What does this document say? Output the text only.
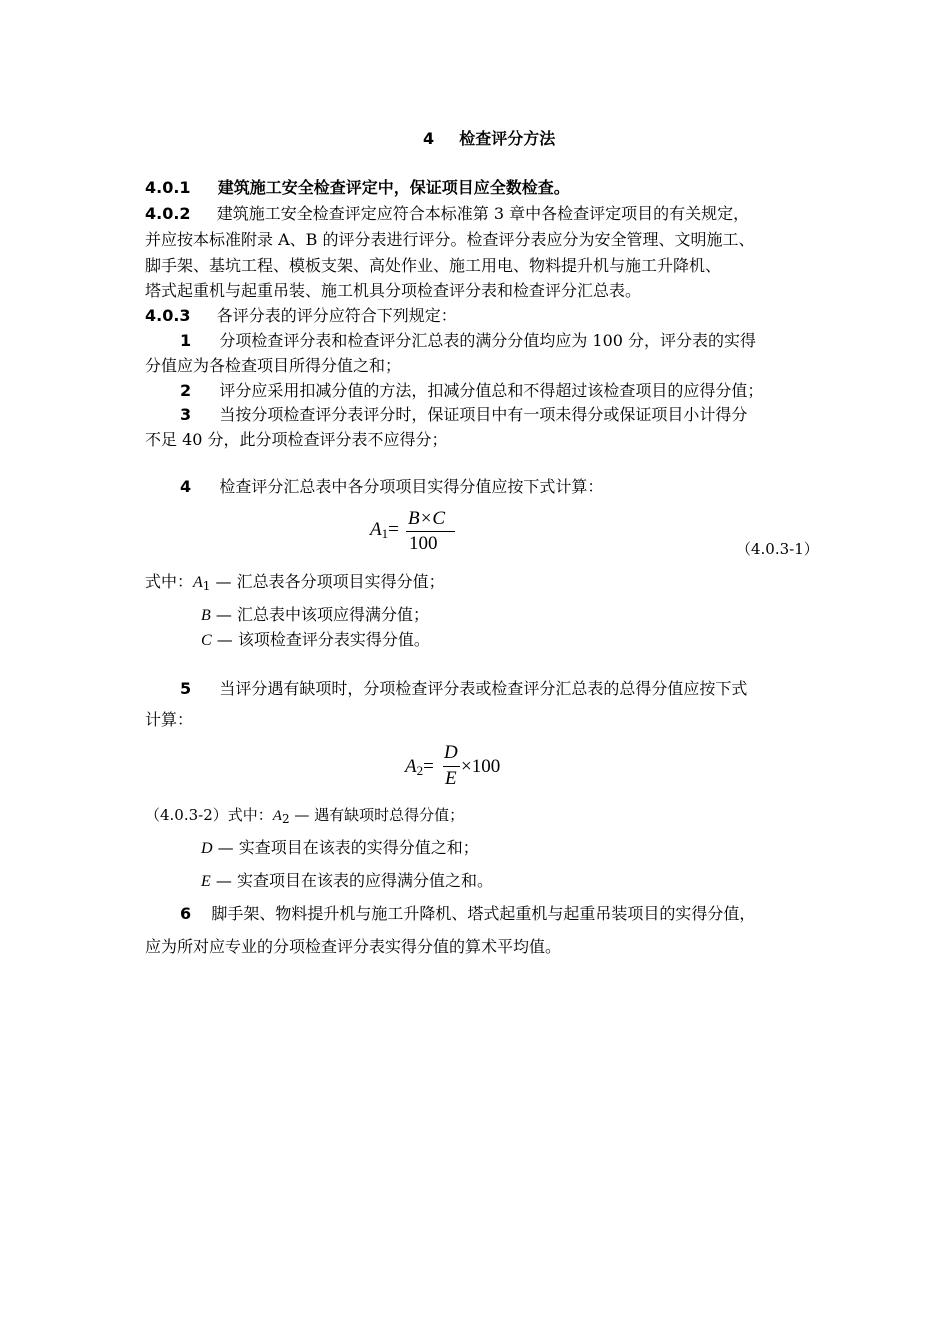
4 检查评分方法
4.0.1 建筑施工安全检查评定中，保证项目应全数检查。
4.0.2 建筑施工安全检查评定应符合本标准第 3 章中各检查评定项目的有关规定，
并应按本标准附录 A、B 的评分表进行评分。检查评分表应分为安全管理、文明施工、
脚手架、基坑工程、模板支架、高处作业、施工用电、物料提升机与施工升降机、
塔式起重机与起重吊装、施工机具分项检查评分表和检查评分汇总表。
4.0.3 各评分表的评分应符合下列规定：
1 分项检查评分表和检查评分汇总表的满分分值均应为 100 分，评分表的实得
分值应为各检查项目所得分值之和；
2 评分应采用扣减分值的方法，扣减分值总和不得超过该检查项目的应得分值；
3 当按分项检查评分表评分时，保证项目中有一项未得分或保证项目小计得分
不足 40 分，此分项检查评分表不应得分；
4 检查评分汇总表中各分项项目实得分值应按下式计算：
$A_1=$
B×C
100	（4.0.3-1）
式中：$A_1$ — 汇总表各分项项目实得分值；
B — 汇总表中该项应得满分值；
C — 该项检查评分表实得分值。
5 当评分遇有缺项时，分项检查评分表或检查评分汇总表的总得分值应按下式
计算：
$A_2=$
D
E
×100
（4.0.3-2）式中：$A_2$ — 遇有缺项时总得分值；
D — 实查项目在该表的实得分值之和；
E — 实查项目在该表的应得满分值之和。
6 脚手架、物料提升机与施工升降机、塔式起重机与起重吊装项目的实得分值，
应为所对应专业的分项检查评分表实得分值的算术平均值。
